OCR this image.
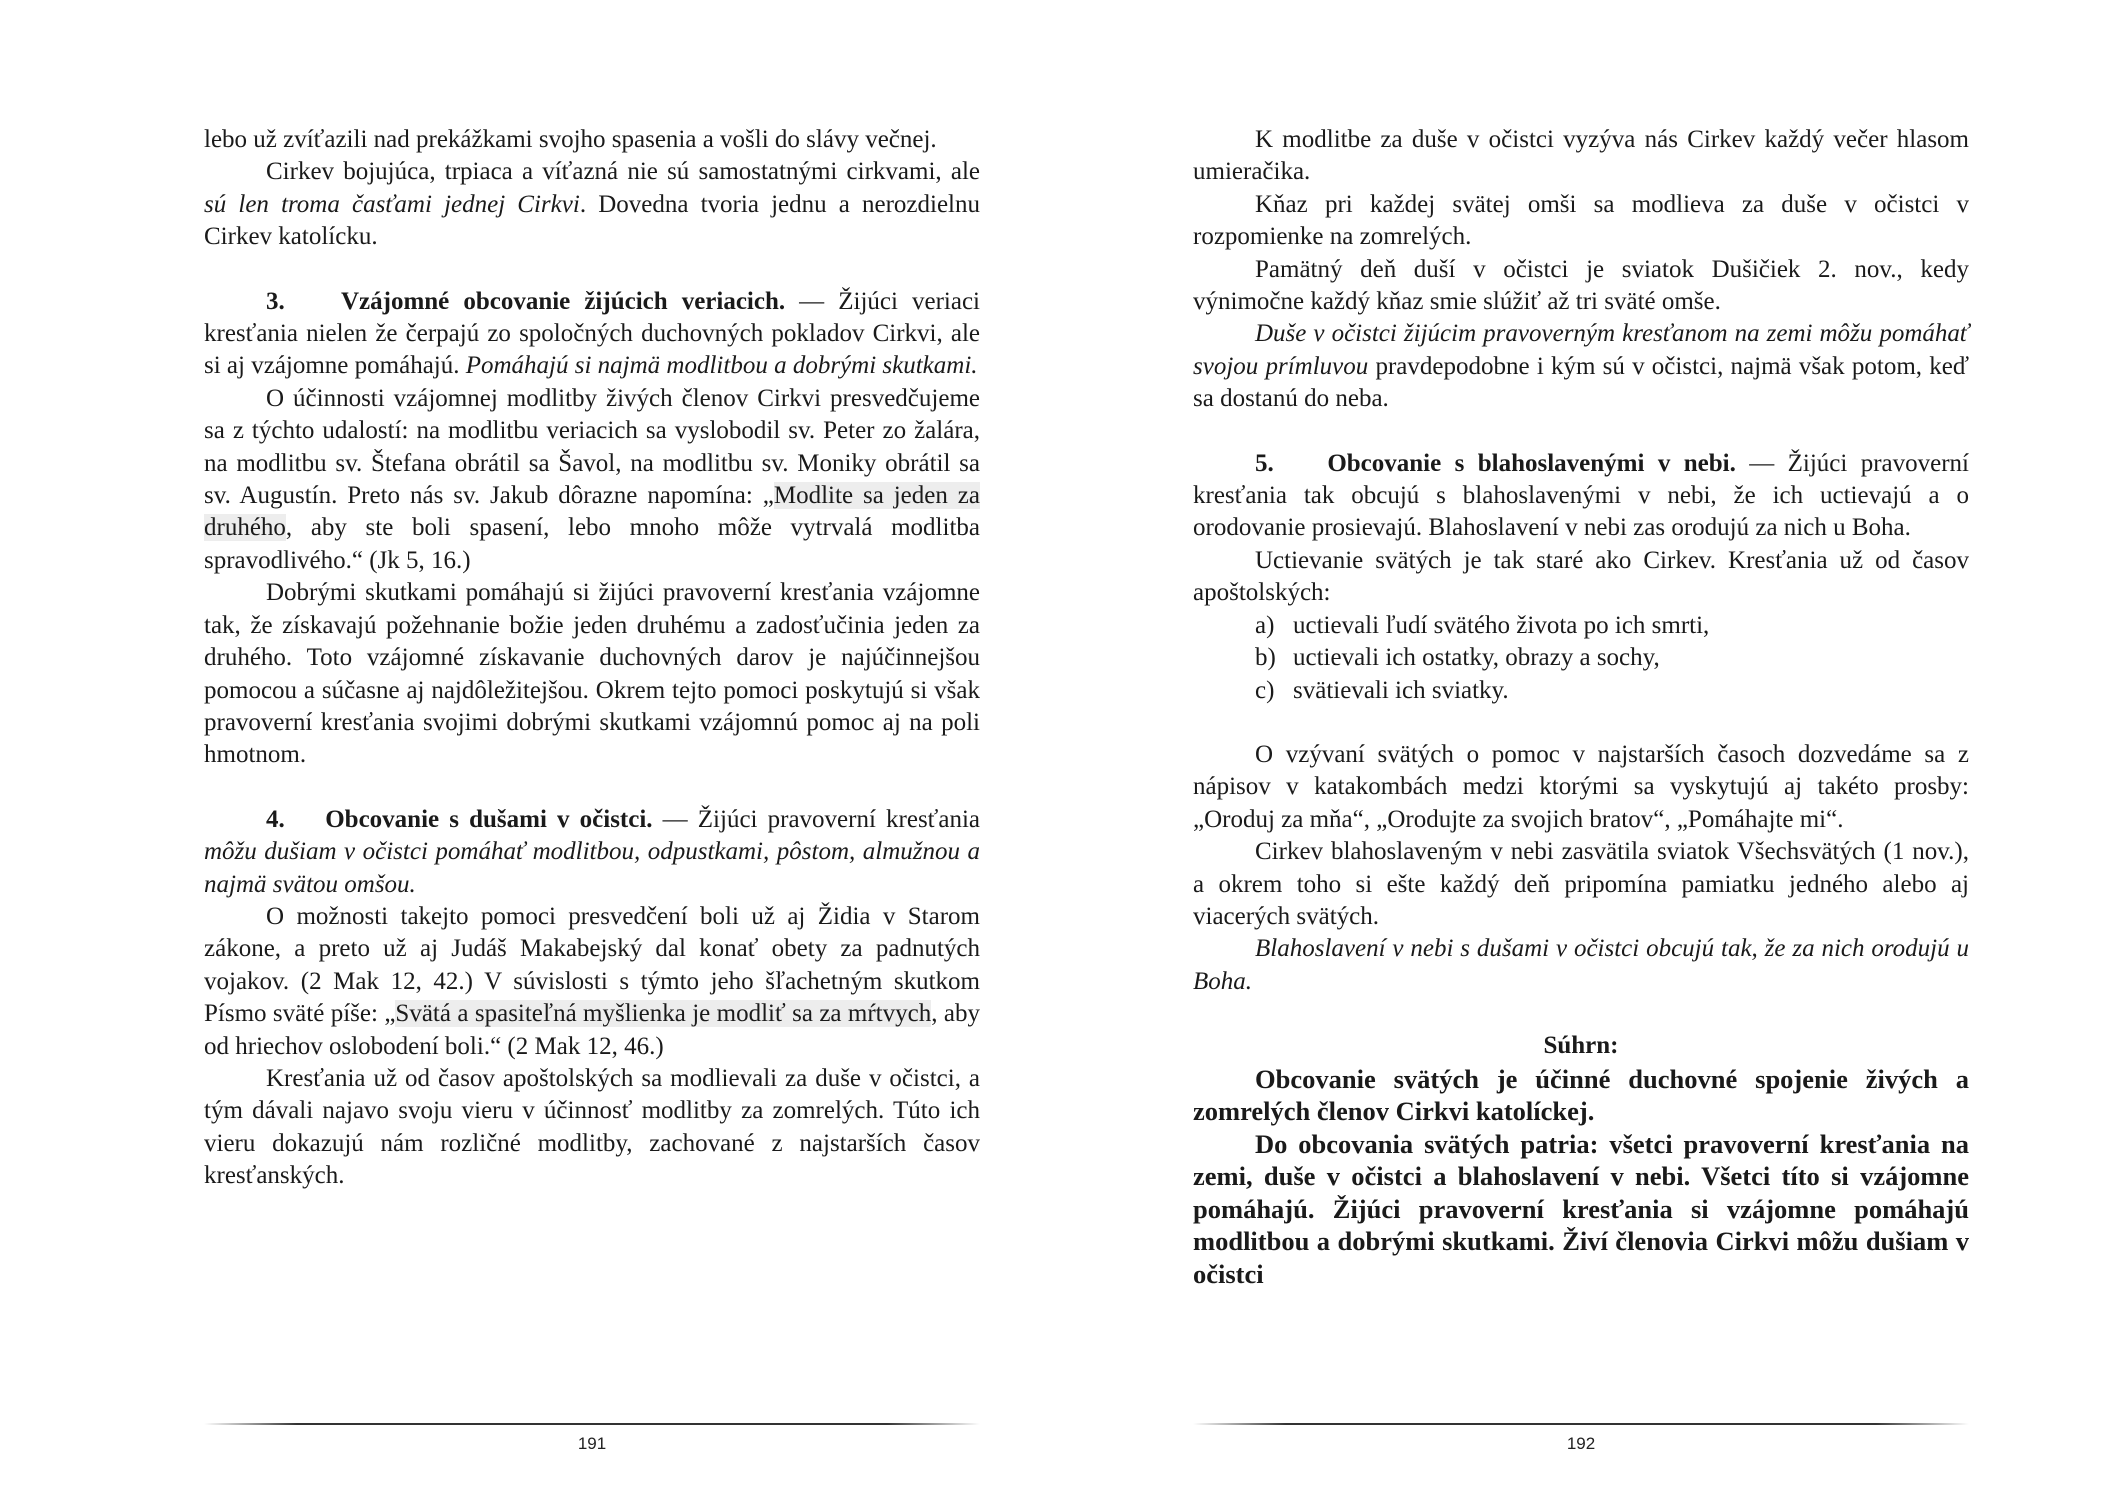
lebo už zvíťazili nad prekážkami svojho spasenia a vošli do slávy večnej.

Cirkev bojujúca, trpiaca a víťazná nie sú samostatnými cirkvami, ale sú len troma časťami jednej Cirkvi. Dovedna tvoria jednu a nerozdielnu Cirkev katolícku.

3. Vzájomné obcovanie žijúcich veriacich. — Žijúci veriaci kresťania nielen že čerpajú zo spoločných duchovných pokladov Cirkvi, ale si aj vzájomne pomáhajú. Pomáhajú si najmä modlitbou a dobrými skutkami.

O účinnosti vzájomnej modlitby živých členov Cirkvi presvedčujeme sa z týchto udalostí: na modlitbu veriacich sa vyslobodil sv. Peter zo žalára, na modlitbu sv. Štefana obrátil sa Šavol, na modlitbu sv. Moniky obrátil sa sv. Augustín. Preto nás sv. Jakub dôrazne napomína: „Modlite sa jeden za druhého, aby ste boli spasení, lebo mnoho môže vytrvalá modlitba spravodlivého.“ (Jk 5, 16.)

Dobrými skutkami pomáhajú si žijúci pravoverní kresťania vzájomne tak, že získavajú požehnanie božie jeden druhému a zadosťučinia jeden za druhého. Toto vzájomné získavanie duchovných darov je najúčinnejšou pomocou a súčasne aj najdôležitejšou. Okrem tejto pomoci poskytujú si však pravoverní kresťania svojimi dobrými skutkami vzájomnú pomoc aj na poli hmotnom.

4. Obcovanie s dušami v očistci. — Žijúci pravoverní kresťania môžu dušiam v očistci pomáhať modlitbou, odpustkami, pôstom, almužnou a najmä svätou omšou.

O možnosti takejto pomoci presvedčení boli už aj Židia v Starom zákone, a preto už aj Judáš Makabejský dal konať obety za padnutých vojakov. (2 Mak 12, 42.) V súvislosti s týmto jeho šľachetným skutkom Písmo sväté píše: „Svätá a spasiteľná myšlienka je modliť sa za mŕtvych, aby od hriechov oslobodení boli.“ (2 Mak 12, 46.)

Kresťania už od časov apoštolských sa modlievali za duše v očistci, a tým dávali najavo svoju vieru v účinnosť modlitby za zomrelých. Túto ich vieru dokazujú nám rozličné modlitby, zachované z najstarších časov kresťanských.

191

K modlitbe za duše v očistci vyzýva nás Cirkev každý večer hlasom umieračika.

Kňaz pri každej svätej omši sa modlieva za duše v očistci v rozpomienke na zomrelých.

Pamätný deň duší v očistci je sviatok Dušičiek 2. nov., kedy výnimočne každý kňaz smie slúžiť až tri sväté omše.

Duše v očistci žijúcim pravoverným kresťanom na zemi môžu pomáhať svojou prímluvou pravdepodobne i kým sú v očistci, najmä však potom, keď sa dostanú do neba.

5. Obcovanie s blahoslavenými v nebi. — Žijúci pravoverní kresťania tak obcujú s blahoslavenými v nebi, že ich uctievajú a o orodovanie prosievajú. Blahoslavení v nebi zas orodujú za nich u Boha.

Uctievanie svätých je tak staré ako Cirkev. Kresťania už od časov apoštolských:

a) uctievali ľudí svätého života po ich smrti,
b) uctievali ich ostatky, obrazy a sochy,
c) svätievali ich sviatky.

O vzývaní svätých o pomoc v najstarších časoch dozvedáme sa z nápisov v katakombách medzi ktorými sa vyskytujú aj takéto prosby: „Oroduj za mňa“, „Orodujte za svojich bratov“, „Pomáhajte mi“.

Cirkev blahoslaveným v nebi zasvätila sviatok Všechsvätých (1 nov.), a okrem toho si ešte každý deň pripomína pamiatku jedného alebo aj viacerých svätých.

Blahoslavení v nebi s dušami v očistci obcujú tak, že za nich orodujú u Boha.

Súhrn:

Obcovanie svätých je účinné duchovné spojenie živých a zomrelých členov Cirkvi katolíckej.

Do obcovania svätých patria: všetci pravoverní kresťania na zemi, duše v očistci a blahoslavení v nebi. Všetci títo si vzájomne pomáhajú. Žijúci pravoverní kresťania si vzájomne pomáhajú modlitbou a dobrými skutkami. Živí členovia Cirkvi môžu dušiam v očistci

192
